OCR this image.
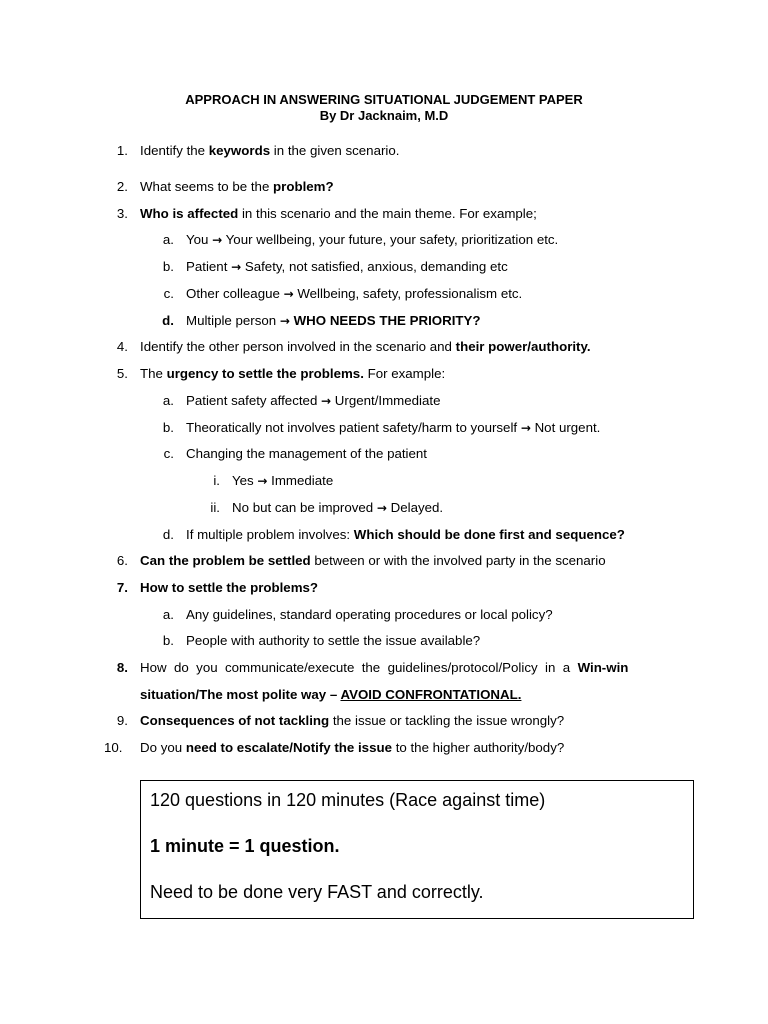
APPROACH IN ANSWERING SITUATIONAL JUDGEMENT PAPER
By Dr Jacknaim, M.D
1. Identify the keywords in the given scenario.
2. What seems to be the problem?
3. Who is affected in this scenario and the main theme. For example;
a. You → Your wellbeing, your future, your safety, prioritization etc.
b. Patient → Safety, not satisfied, anxious, demanding etc
c. Other colleague → Wellbeing, safety, professionalism etc.
d. Multiple person → WHO NEEDS THE PRIORITY?
4. Identify the other person involved in the scenario and their power/authority.
5. The urgency to settle the problems. For example:
a. Patient safety affected → Urgent/Immediate
b. Theoratically not involves patient safety/harm to yourself → Not urgent.
c. Changing the management of the patient
i. Yes → Immediate
ii. No but can be improved → Delayed.
d. If multiple problem involves: Which should be done first and sequence?
6. Can the problem be settled between or with the involved party in the scenario
7. How to settle the problems?
a. Any guidelines, standard operating procedures or local policy?
b. People with authority to settle the issue available?
8. How  do  you  communicate/execute  the  guidelines/protocol/Policy  in  a  Win-win
situation/The most polite way – AVOID CONFRONTATIONAL.
9. Consequences of not tackling the issue or tackling the issue wrongly?
10.	Do you need to escalate/Notify the issue to the higher authority/body?
120 questions in 120 minutes (Race against time)
1 minute = 1 question.
Need to be done very FAST and correctly.
